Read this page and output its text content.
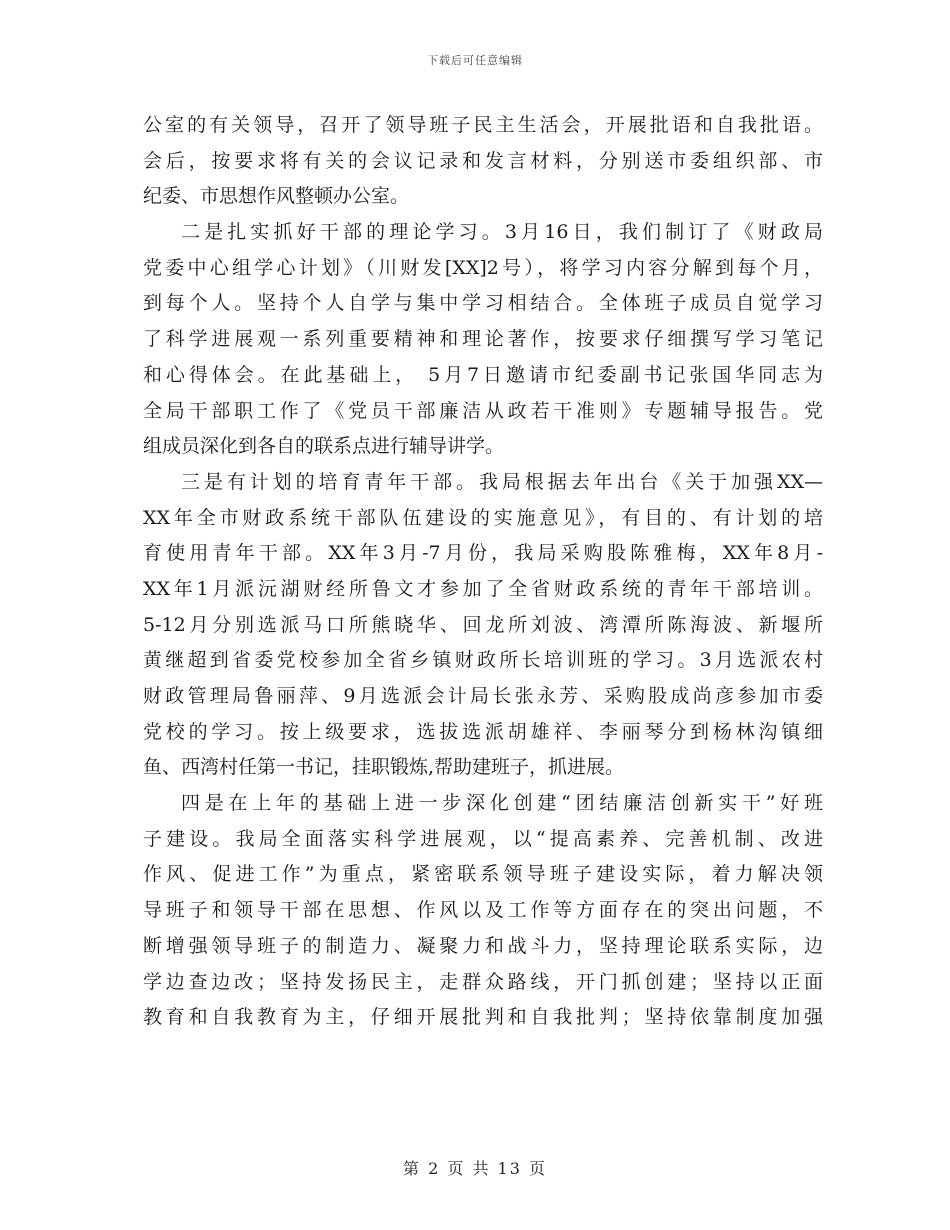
下载后可任意编辑
公室的有关领导，召开了领导班子民主生活会，开展批语和自我批语。
会后，按要求将有关的会议记录和发言材料，分别送市委组织部、市
纪委、市思想作风整顿办公室。
二是扎实抓好干部的理论学习。3月16日，我们制订了《财政局
党委中心组学心计划》（川财发[XX]2号），将学习内容分解到每个月，
到每个人。坚持个人自学与集中学习相结合。全体班子成员自觉学习
了科学进展观一系列重要精神和理论著作，按要求仔细撰写学习笔记
和心得体会。在此基础上， 5月7日邀请市纪委副书记张国华同志为
全局干部职工作了《党员干部廉洁从政若干准则》专题辅导报告。党
组成员深化到各自的联系点进行辅导讲学。
三是有计划的培育青年干部。我局根据去年出台《关于加强XX—
XX年全市财政系统干部队伍建设的实施意见》，有目的、有计划的培
育使用青年干部。XX年3月-7月份，我局采购股陈雅梅，XX年8月-
XX年1月派沅湖财经所鲁文才参加了全省财政系统的青年干部培训。
5-12月分别选派马口所熊晓华、回龙所刘波、湾潭所陈海波、新堰所
黄继超到省委党校参加全省乡镇财政所长培训班的学习。3月选派农村
财政管理局鲁丽萍、9月选派会计局长张永芳、采购股成尚彦参加市委
党校的学习。按上级要求，选拔选派胡雄祥、李丽琴分到杨林沟镇细
鱼、西湾村任第一书记，挂职锻炼,帮助建班子，抓进展。
四是在上年的基础上进一步深化创建“团结廉洁创新实干”好班
子建设。我局全面落实科学进展观，以“提高素养、完善机制、改进
作风、促进工作”为重点，紧密联系领导班子建设实际，着力解决领
导班子和领导干部在思想、作风以及工作等方面存在的突出问题，不
断增强领导班子的制造力、凝聚力和战斗力，坚持理论联系实际，边
学边查边改；坚持发扬民主，走群众路线，开门抓创建；坚持以正面
教育和自我教育为主，仔细开展批判和自我批判；坚持依靠制度加强
第 2 页 共 13 页
